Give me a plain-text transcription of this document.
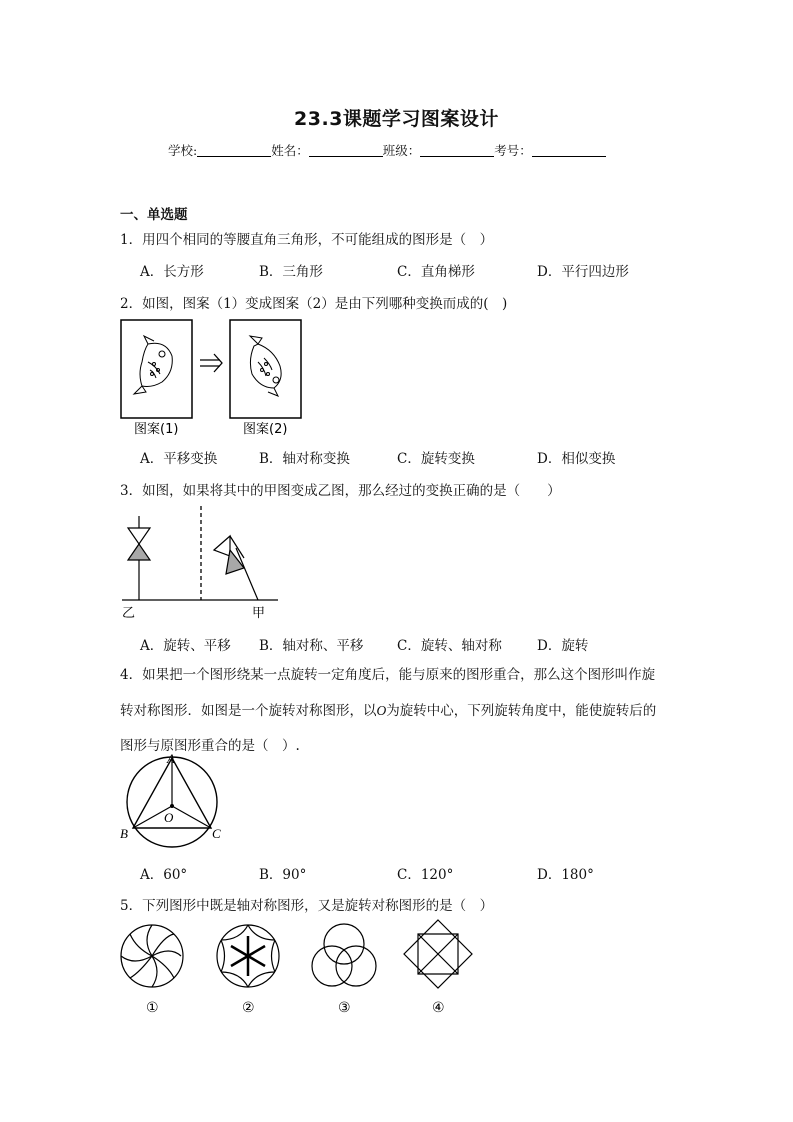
23.3课题学习图案设计
学校:	姓名：	班级：	考号：
一、单选题
1．用四个相同的等腰直角三角形，不可能组成的图形是（　）
A．长方形	B．三角形	C．直角梯形	D．平行四边形
2．如图，图案（1）变成图案（2）是由下列哪种变换而成的(　)
图案(1)	图案(2)
A．平移变换	B．轴对称变换	C．旋转变换	D．相似变换
3．如图，如果将其中的甲图变成乙图，那么经过的变换正确的是（　　）
乙	甲
A．旋转、平移 B．轴对称、平移 C．旋转、轴对称	D．旋转
4．如果把一个图形绕某一点旋转一定角度后，能与原来的图形重合，那么这个图形叫作旋
转对称图形．如图是一个旋转对称图形，以O为旋转中心，下列旋转角度中，能使旋转后的
图形与原图形重合的是（　）.
A
O
B	C
A．60°	B．90°	C．120°	D．180°
5．下列图形中既是轴对称图形，又是旋转对称图形的是（　）
①	②	③	④
